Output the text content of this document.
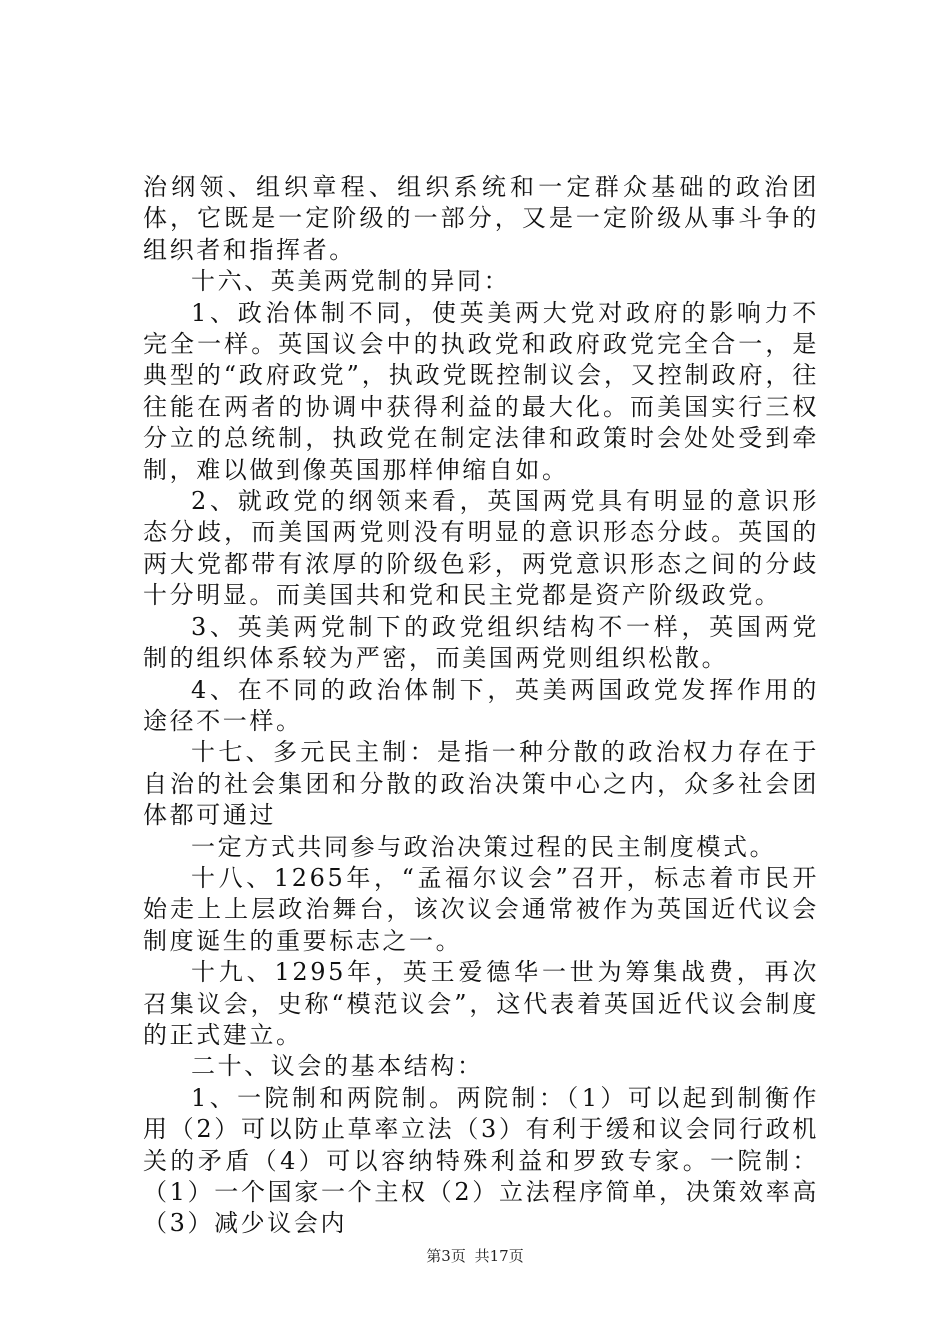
治纲领、组织章程、组织系统和一定群众基础的政治团体，它既是一定阶级的一部分，又是一定阶级从事斗争的组织者和指挥者。

十六、英美两党制的异同：

1、政治体制不同，使英美两大党对政府的影响力不完全一样。英国议会中的执政党和政府政党完全合一，是典型的“政府政党”，执政党既控制议会，又控制政府，往往能在两者的协调中获得利益的最大化。而美国实行三权分立的总统制，执政党在制定法律和政策时会处处受到牵制，难以做到像英国那样伸缩自如。

2、就政党的纲领来看，英国两党具有明显的意识形态分歧，而美国两党则没有明显的意识形态分歧。英国的两大党都带有浓厚的阶级色彩，两党意识形态之间的分歧十分明显。而美国共和党和民主党都是资产阶级政党。

3、英美两党制下的政党组织结构不一样，英国两党制的组织体系较为严密，而美国两党则组织松散。

4、在不同的政治体制下，英美两国政党发挥作用的途径不一样。

十七、多元民主制：是指一种分散的政治权力存在于自治的社会集团和分散的政治决策中心之内，众多社会团体都可通过

一定方式共同参与政治决策过程的民主制度模式。

十八、1265年，“孟福尔议会”召开，标志着市民开始走上上层政治舞台，该次议会通常被作为英国近代议会制度诞生的重要标志之一。

十九、1295年，英王爱德华一世为筹集战费，再次召集议会，史称“模范议会”，这代表着英国近代议会制度的正式建立。

二十、议会的基本结构：

1、一院制和两院制。两院制：（1）可以起到制衡作用（2）可以防止草率立法（3）有利于缓和议会同行政机关的矛盾（4）可以容纳特殊利益和罗致专家。一院制：（1）一个国家一个主权（2）立法程序简单，决策效率高（3）减少议会内

第3页 共17页
